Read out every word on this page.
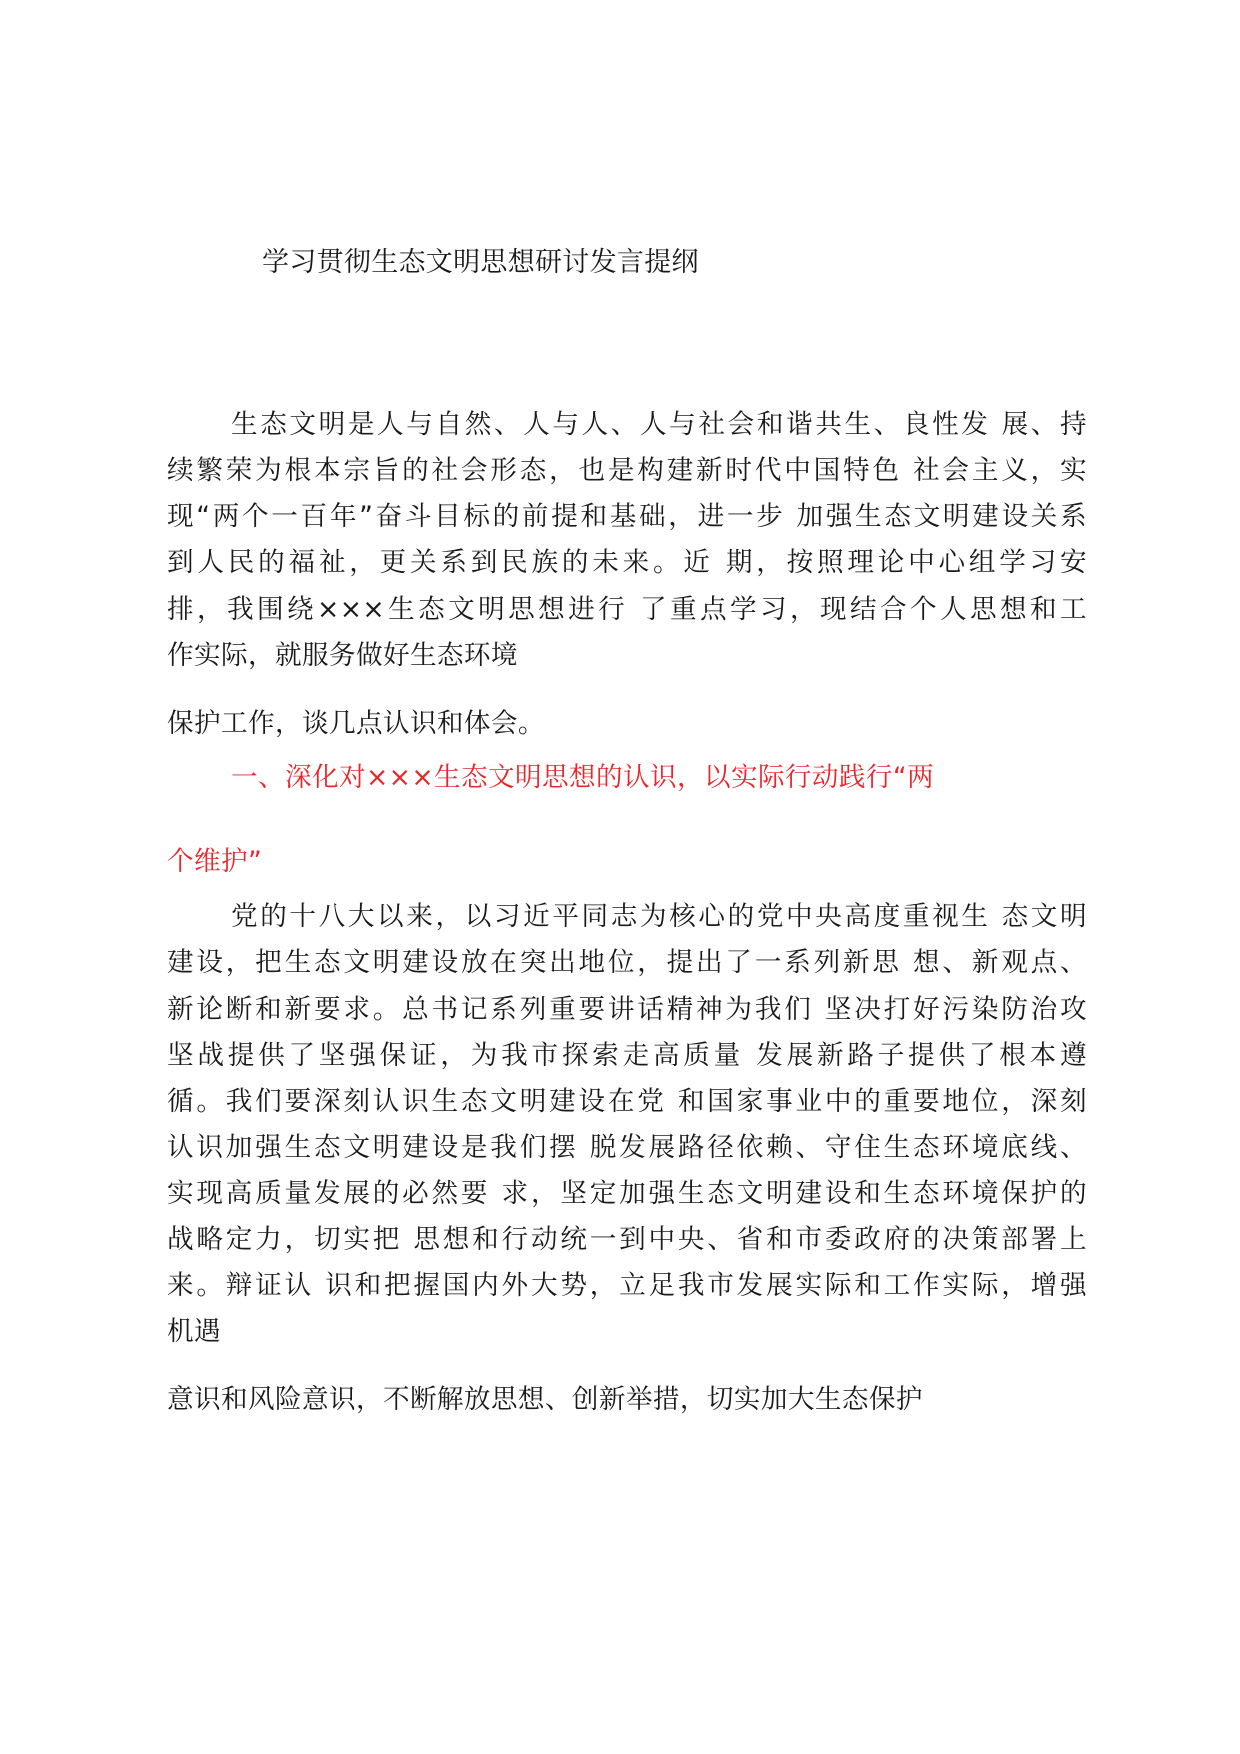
学习贯彻生态文明思想研讨发言提纲

生态文明是人与自然、人与人、人与社会和谐共生、良性发 展、持

续繁荣为根本宗旨的社会形态，也是构建新时代中国特色 社会主义，实

现“两个一百年”奋斗目标的前提和基础，进一步 加强生态文明建设关系

到人民的福祉，更关系到民族的未来。近 期，按照理论中心组学习安

排，我围绕×××生态文明思想进行 了重点学习，现结合个人思想和工

作实际，就服务做好生态环境

保护工作，谈几点认识和体会。

一、深化对×××生态文明思想的认识，以实际行动践行“两

个维护”

党的十八大以来，以习近平同志为核心的党中央高度重视生 态文明

建设，把生态文明建设放在突出地位，提出了一系列新思 想、新观点、

新论断和新要求。总书记系列重要讲话精神为我们 坚决打好污染防治攻

坚战提供了坚强保证，为我市探索走高质量 发展新路子提供了根本遵

循。我们要深刻认识生态文明建设在党 和国家事业中的重要地位，深刻

认识加强生态文明建设是我们摆 脱发展路径依赖、守住生态环境底线、

实现高质量发展的必然要 求，坚定加强生态文明建设和生态环境保护的

战略定力，切实把 思想和行动统一到中央、省和市委政府的决策部署上

来。辩证认 识和把握国内外大势，立足我市发展实际和工作实际，增强

机遇

意识和风险意识，不断解放思想、创新举措，切实加大生态保护
